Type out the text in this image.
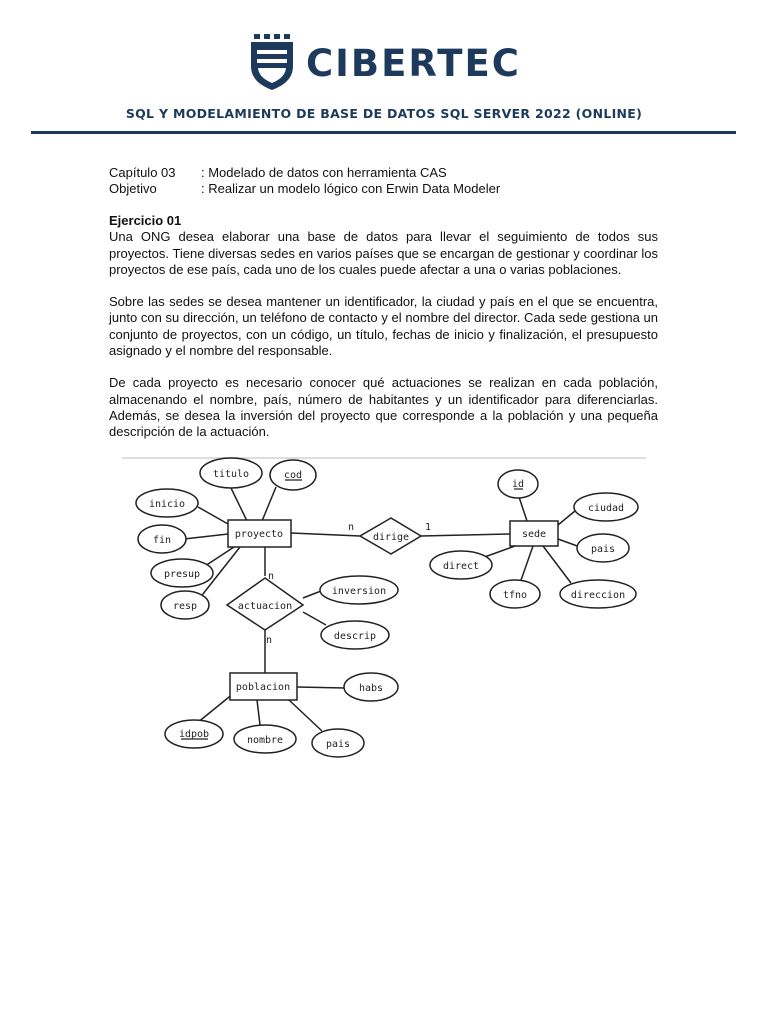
CIBERTEC
SQL Y MODELAMIENTO DE BASE DE DATOS SQL SERVER 2022 (ONLINE)
Capítulo 03 : Modelado de datos con herramienta CAS
Objetivo	: Realizar un modelo lógico con Erwin Data Modeler
Ejercicio 01

Una ONG desea elaborar una base de datos para llevar el seguimiento de todos sus proyectos. Tiene diversas sedes en varios países que se encargan de gestionar y coordinar los proyectos de ese país, cada uno de los cuales puede afectar a una o varias poblaciones.

Sobre las sedes se desea mantener un identificador, la ciudad y país en el que se encuentra, junto con su dirección, un teléfono de contacto y el nombre del director. Cada sede gestiona un conjunto de proyectos, con un código, un título, fechas de inicio y finalización, el presupuesto asignado y el nombre del responsable.

De cada proyecto es necesario conocer qué actuaciones se realizan en cada población, almacenando el nombre, país, número de habitantes y un identificador para diferenciarlas. Además, se desea la inversión del proyecto que corresponde a la población y una pequeña descripción de la actuación.

proyecto	sede
poblacion
dirige
actuacion
titulo	cod
inicio
fin
presup
resp
inversion
descrip
id
ciudad
pais
direct
tfno	direccion
habs
idpob
nombre	pais
n	1
n
n
